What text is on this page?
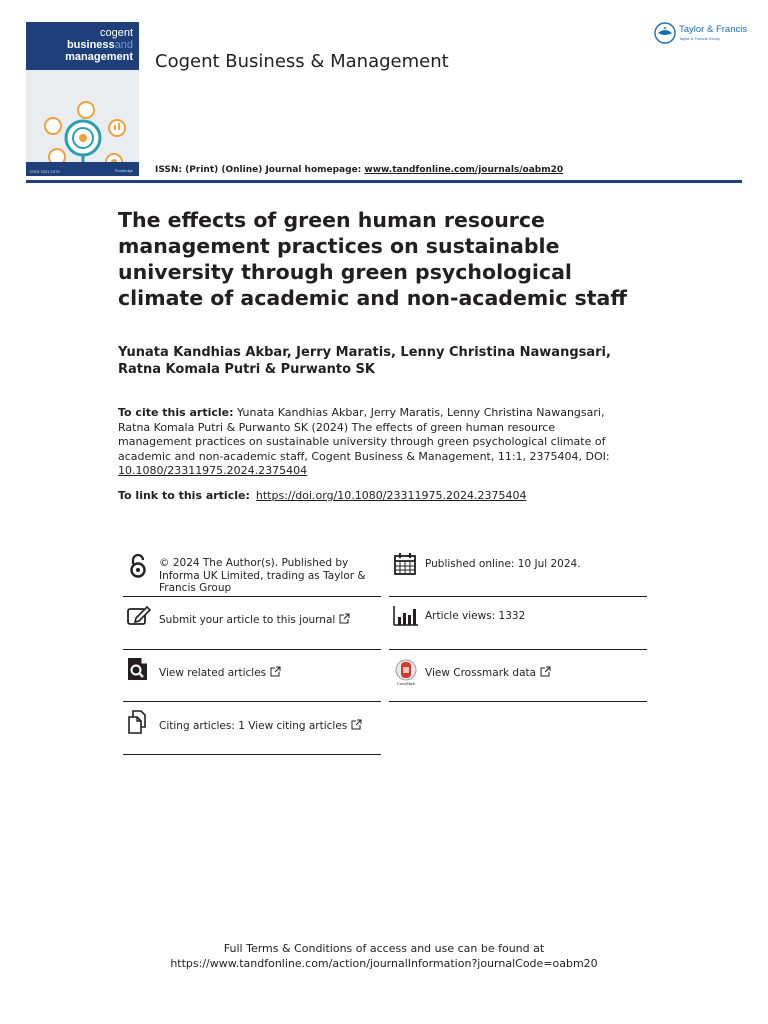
cogent
businessand
management
ISSN 2331-1975	Routledge
Cogent Business & Management
Taylor & Francis
Taylor & Francis Group
ISSN: (Print) (Online) Journal homepage: www.tandfonline.com/journals/oabm20
The effects of green human resource management practices on sustainable university through green psychological climate of academic and non-academic staff

Yunata Kandhias Akbar, Jerry Maratis, Lenny Christina Nawangsari, Ratna Komala Putri & Purwanto SK

To cite this article: Yunata Kandhias Akbar, Jerry Maratis, Lenny Christina Nawangsari, Ratna Komala Putri & Purwanto SK (2024) The effects of green human resource management practices on sustainable university through green psychological climate of academic and non-academic staff, Cogent Business & Management, 11:1, 2375404, DOI: 10.1080/23311975.2024.2375404

To link to this article: https://doi.org/10.1080/23311975.2024.2375404
© 2024 The Author(s). Published by Informa UK Limited, trading as Taylor & Francis Group
Published online: 10 Jul 2024.
Submit your article to this journal	Article views: 1332
View related articles
CrossMark
View Crossmark data
Citing articles: 1 View citing articles
Full Terms & Conditions of access and use can be found at
https://www.tandfonline.com/action/journalInformation?journalCode=oabm20
